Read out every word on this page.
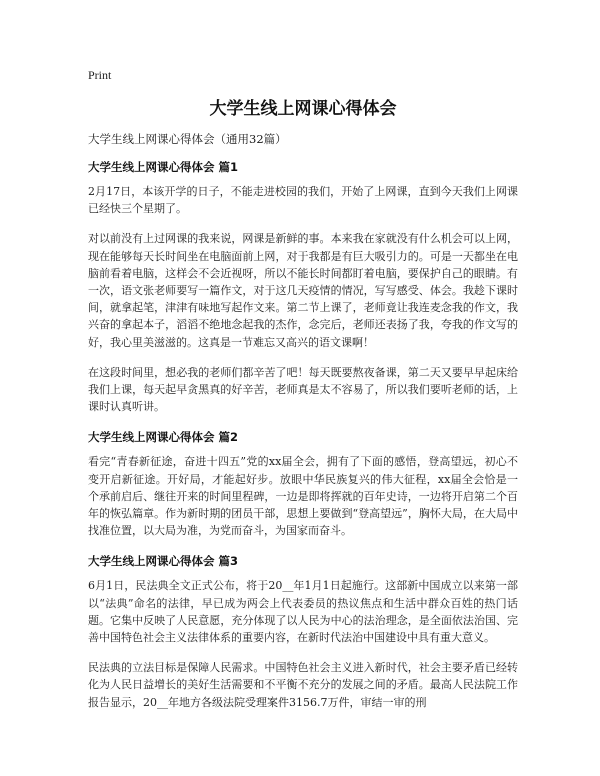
Print
大学生线上网课心得体会

大学生线上网课心得体会（通用32篇）

大学生线上网课心得体会 篇1

2月17日，本该开学的日子，不能走进校园的我们，开始了上网课，直到今天我们上网课已经快三个星期了。

对以前没有上过网课的我来说，网课是新鲜的事。本来我在家就没有什么机会可以上网，现在能够每天长时间坐在电脑面前上网，对于我都是有巨大吸引力的。可是一天都坐在电脑前看着电脑，这样会不会近视呀，所以不能长时间都盯着电脑，要保护自己的眼睛。有一次，语文张老师要写一篇作文，对于这几天疫情的情况，写写感受、体会。我趁下课时间，就拿起笔，津津有味地写起作文来。第二节上课了，老师竟让我连麦念我的作文，我兴奋的拿起本子，滔滔不绝地念起我的杰作，念完后，老师还表扬了我，夸我的作文写的好，我心里美滋滋的。这真是一节难忘又高兴的语文课啊！

在这段时间里，想必我的老师们都辛苦了吧！每天既要熬夜备课，第二天又要早早起床给我们上课，每天起早贪黑真的好辛苦，老师真是太不容易了，所以我们要听老师的话，上课时认真听讲。

大学生线上网课心得体会 篇2

看完“青春新征途，奋进十四五”党的xx届全会，拥有了下面的感悟，登高望远，初心不变开启新征途。开好局，才能起好步。放眼中华民族复兴的伟大征程，xx届全会恰是一个承前启后、继往开来的时间里程碑，一边是即将挥就的百年史诗，一边将开启第二个百年的恢弘篇章。作为新时期的团员干部，思想上要做到“登高望远”，胸怀大局，在大局中找准位置，以大局为准，为党而奋斗，为国家而奋斗。

大学生线上网课心得体会 篇3

6月1日，民法典全文正式公布，将于20__年1月1日起施行。这部新中国成立以来第一部以“法典”命名的法律，早已成为两会上代表委员的热议焦点和生活中群众百姓的热门话题。它集中反映了人民意愿，充分体现了以人民为中心的法治理念，是全面依法治国、完善中国特色社会主义法律体系的重要内容，在新时代法治中国建设中具有重大意义。

民法典的立法目标是保障人民需求。中国特色社会主义进入新时代，社会主要矛盾已经转化为人民日益增长的美好生活需要和不平衡不充分的发展之间的矛盾。最高人民法院工作报告显示，20__年地方各级法院受理案件3156.7万件，审结一审的刑
